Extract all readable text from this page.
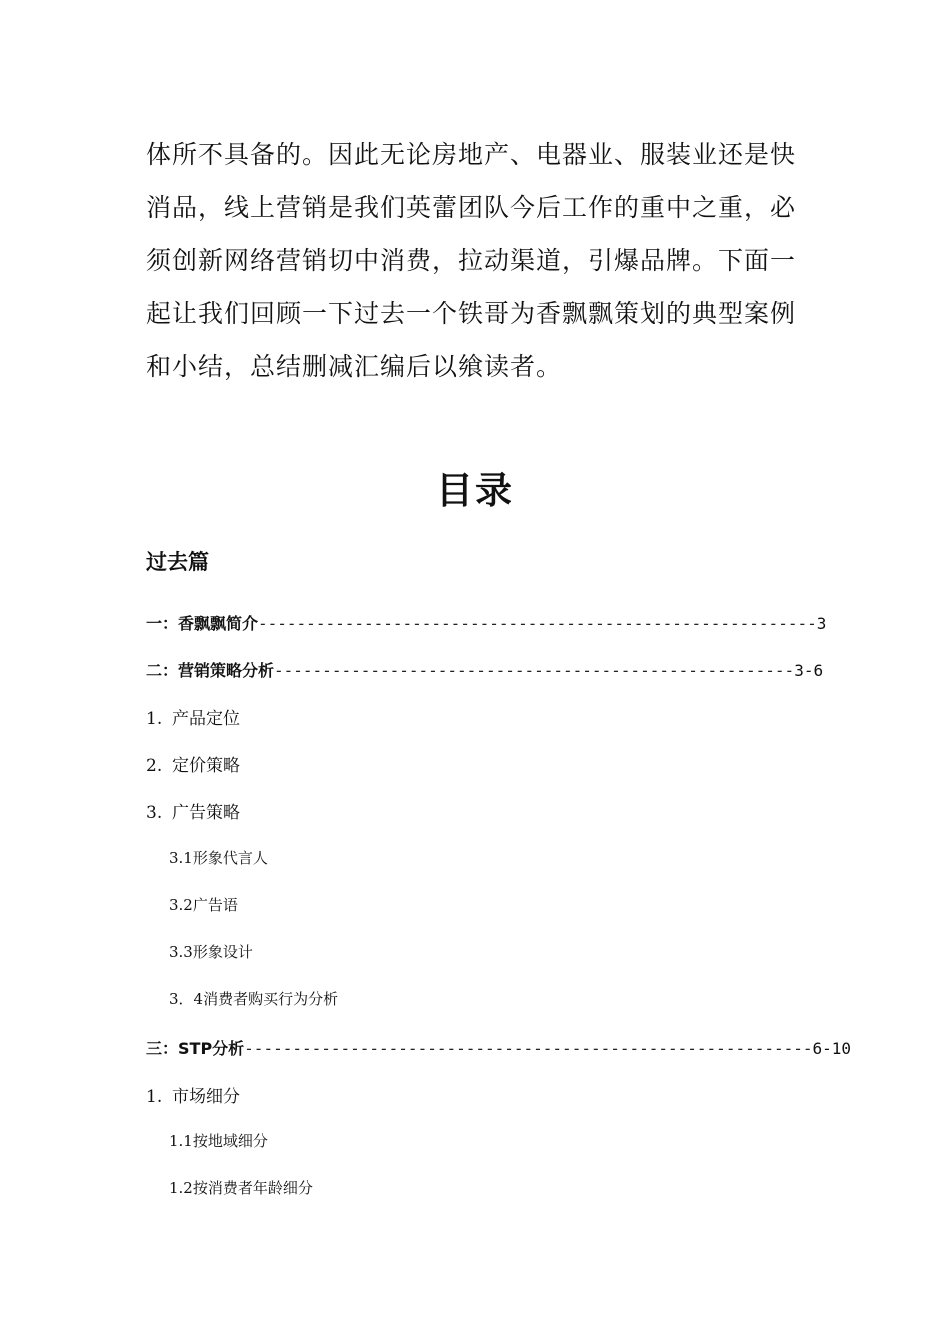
体所不具备的。因此无论房地产、电器业、服装业还是快
消品，线上营销是我们英蕾团队今后工作的重中之重，必
须创新网络营销切中消费，拉动渠道，引爆品牌。下面一
起让我们回顾一下过去一个铁哥为香飘飘策划的典型案例
和小结，总结删减汇编后以飨读者。
目录
过去篇
一：香飘飘简介----------------------------------------------------------3
二：营销策略分析------------------------------------------------------3-6
1. 产品定位
2. 定价策略
3. 广告策略
3.1形象代言人
3.2广告语
3.3形象设计
3．4消费者购买行为分析
三：STP分析-----------------------------------------------------------6-10
1. 市场细分
1.1按地域细分
1.2按消费者年龄细分
